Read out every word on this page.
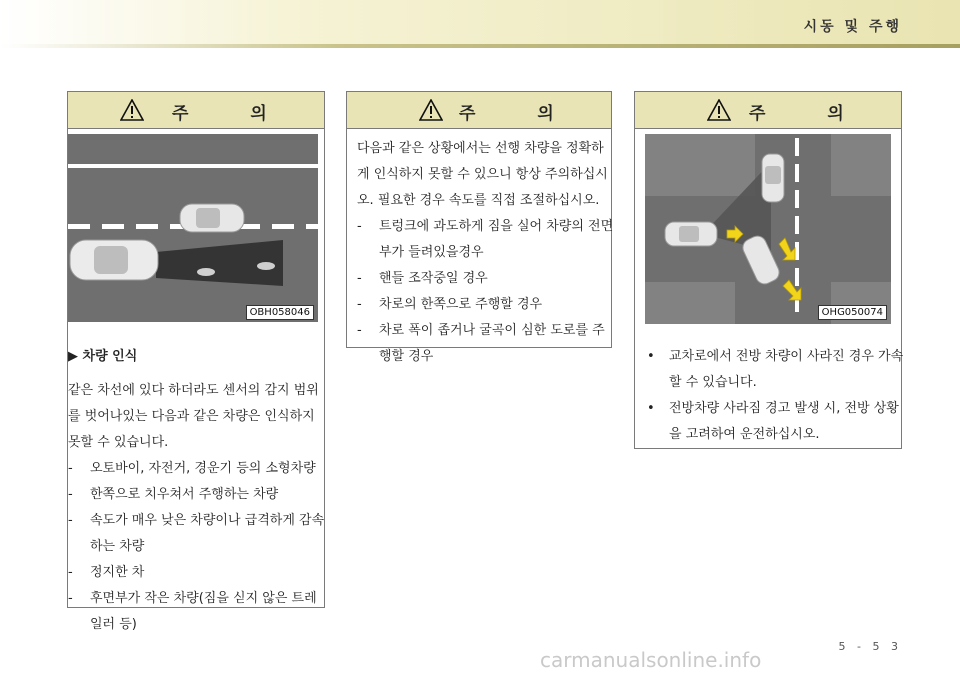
시동 및 주행
주 의
OBH058046
▶ 차량 인식
같은 차선에 있다 하더라도 센서의 감지 범위
를 벗어나있는 다음과 같은 차량은 인식하지
못할 수 있습니다.
- 오토바이, 자전거, 경운기 등의 소형차량
- 한쪽으로 치우쳐서 주행하는 차량
- 속도가 매우 낮은 차량이나 급격하게 감속
하는 차량
- 정지한 차
- 후면부가 작은 차량(짐을 싣지 않은 트레
일러 등)
주 의
다음과 같은 상황에서는 선행 차량을 정확하
게 인식하지 못할 수 있으니 항상 주의하십시
오. 필요한 경우 속도를 직접 조절하십시오.
- 트렁크에 과도하게 짐을 실어 차량의 전면
부가 들려있을경우
- 핸들 조작중일 경우
- 차로의 한쪽으로 주행할 경우
- 차로 폭이 좁거나 굴곡이 심한 도로를 주
행할 경우
주 의
OHG050074
• 교차로에서 전방 차량이 사라진 경우 가속
할 수 있습니다.
• 전방차량 사라짐 경고 발생 시, 전방 상황
을 고려하여 운전하십시오.
5 - 5 3
carmanualsonline.info
